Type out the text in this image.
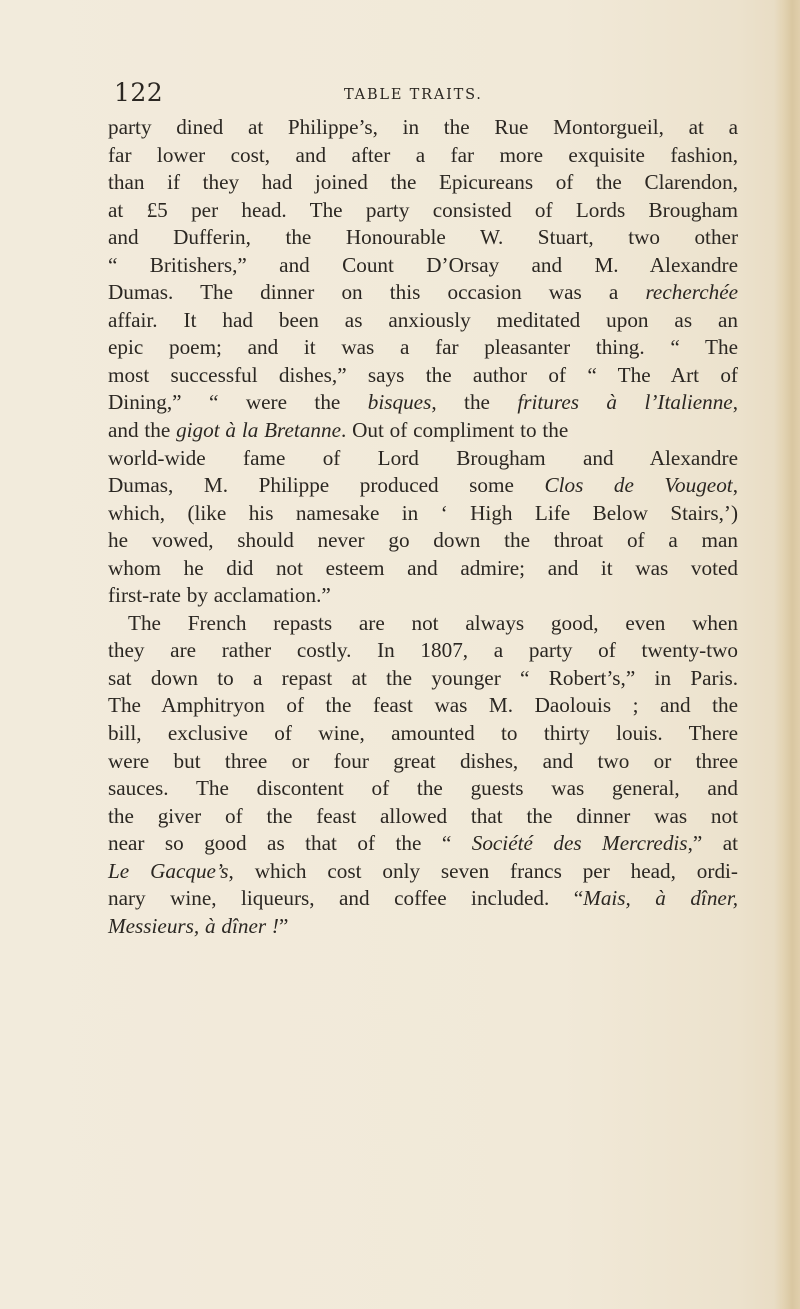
122	TABLE TRAITS.
party dined at Philippe’s, in the Rue Montorgueil, at a
far lower cost, and after a far more exquisite fashion,
than if they had joined the Epicureans of the Clarendon,
at £5 per head. The party consisted of Lords Brougham
and Dufferin, the Honourable W. Stuart, two other
“ Britishers,” and Count D’Orsay and M. Alexandre
Dumas. The dinner on this occasion was a recherchée
affair. It had been as anxiously meditated upon as an
epic poem; and it was a far pleasanter thing. “ The
most successful dishes,” says the author of “ The Art of
Dining,” “ were the bisques, the fritures à l’Italienne,
and the gigot à la Bretanne. Out of compliment to the
world-wide fame of Lord Brougham and Alexandre
Dumas, M. Philippe produced some Clos de Vougeot,
which, (like his namesake in ‘ High Life Below Stairs,’)
he vowed, should never go down the throat of a man
whom he did not esteem and admire; and it was voted
first-rate by acclamation.”
The French repasts are not always good, even when
they are rather costly. In 1807, a party of twenty-two
sat down to a repast at the younger “ Robert’s,” in Paris.
The Amphitryon of the feast was M. Daolouis ; and the
bill, exclusive of wine, amounted to thirty louis. There
were but three or four great dishes, and two or three
sauces. The discontent of the guests was general, and
the giver of the feast allowed that the dinner was not
near so good as that of the “ Société des Mercredis,” at
Le Gacque’s, which cost only seven francs per head, ordi-
nary wine, liqueurs, and coffee included. “Mais, à dîner,
Messieurs, à dîner !”
